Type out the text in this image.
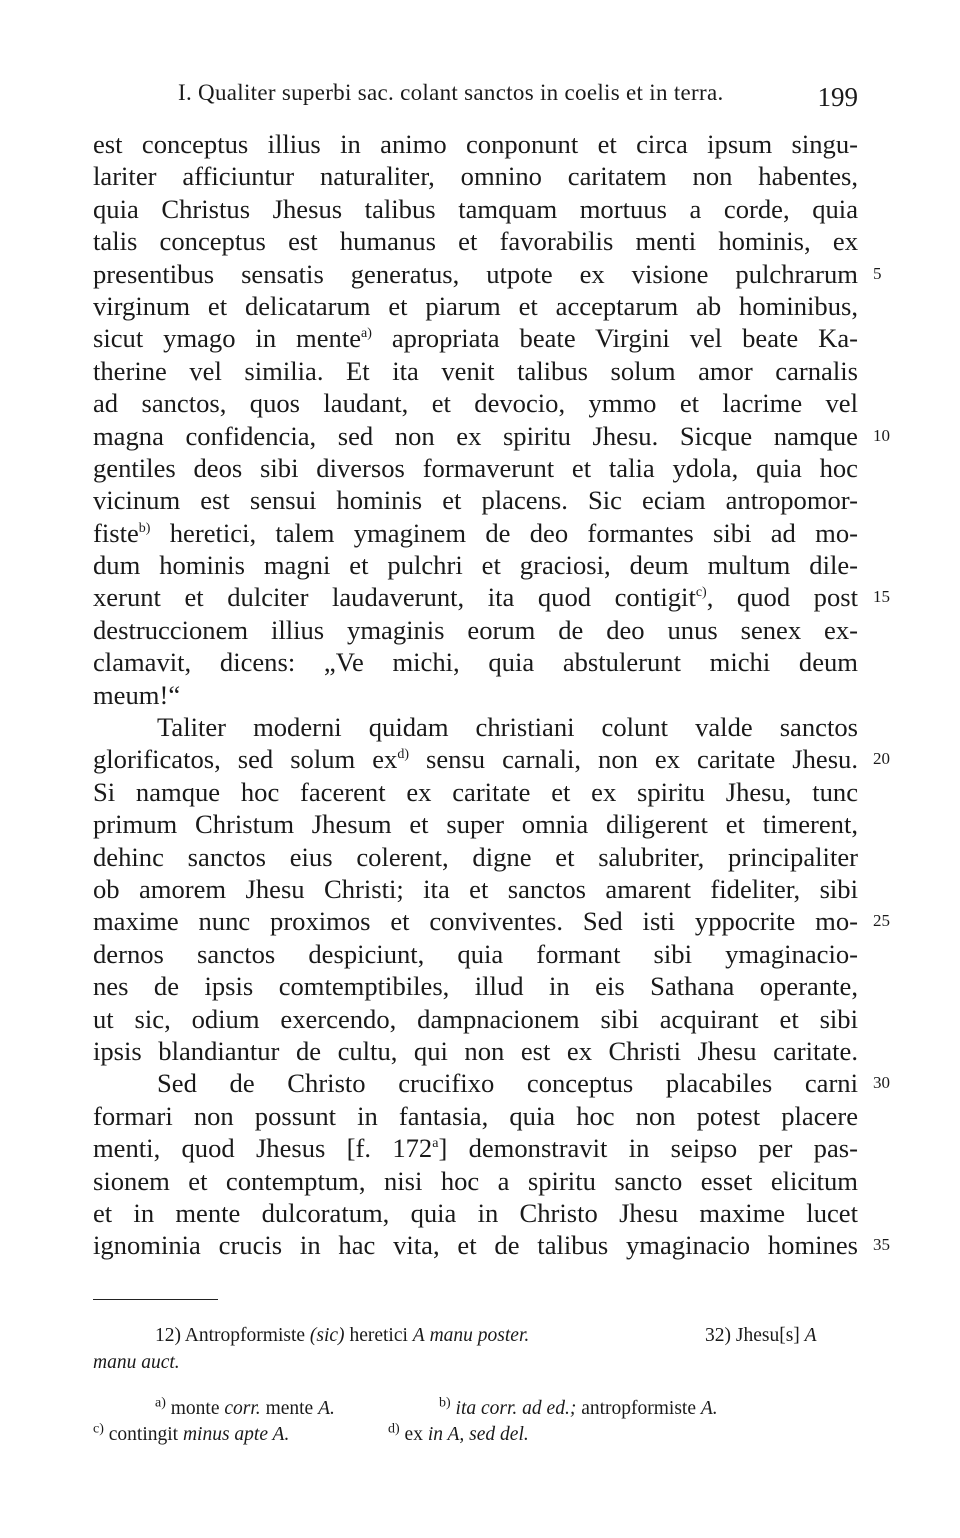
I. Qualiter superbi sac. colant sanctos in coelis et in terra.	199
est conceptus illius in animo conponunt et circa ipsum singu-
lariter afficiuntur naturaliter, omnino caritatem non habentes,
quia Christus Jhesus talibus tamquam mortuus a corde, quia
talis conceptus est humanus et favorabilis menti hominis, ex
presentibus sensatis generatus, utpote ex visione pulchrarum 5
virginum et delicatarum et piarum et acceptarum ab hominibus,
sicut ymago in mente$^{a)}$ apropriata beate Virgini vel beate Ka-
therine vel similia. Et ita venit talibus solum amor carnalis
ad sanctos, quos laudant, et devocio, ymmo et lacrime vel
magna confidencia, sed non ex spiritu Jhesu. Sicque namque 10
gentiles deos sibi diversos formaverunt et talia ydola, quia hoc
vicinum est sensui hominis et placens. Sic eciam antropomor-
fiste$^{b)}$ heretici, talem ymaginem de deo formantes sibi ad mo-
dum hominis magni et pulchri et graciosi, deum multum dile-
xerunt et dulciter laudaverunt, ita quod contigit$^{c)}$, quod post 15
destruccionem illius ymaginis eorum de deo unus senex ex-
clamavit, dicens: „Ve michi, quia abstulerunt michi deum
meum!“
Taliter moderni quidam christiani colunt valde sanctos
glorificatos, sed solum $ex^{d)}$ sensu carnali, non ex caritate Jhesu. 20
Si namque hoc facerent ex caritate et ex spiritu Jhesu, tunc
primum Christum Jhesum et super omnia diligerent et timerent,
dehinc sanctos eius colerent, digne et salubriter, principaliter
ob amorem Jhesu Christi; ita et sanctos amarent fideliter, sibi
maxime nunc proximos et conviventes. Sed isti yppocrite mo- 25
dernos sanctos despiciunt, quia formant sibi ymaginacio-
nes de ipsis comtemptibiles, illud in eis Sathana operante,
ut sic, odium exercendo, dampnacionem sibi acquirant et sibi
ipsis blandiantur de cultu, qui non est ex Christi Jhesu caritate.
Sed de Christo crucifixo conceptus placabiles carni 30
formari non possunt in fantasia, quia hoc non potest placere
menti, quod Jhesus [f. 172$^a$] demonstravit in seipso per pas-
sionem et contemptum, nisi hoc a spiritu sancto esset elicitum
et in mente dulcoratum, quia in Christo Jhesu maxime lucet
ignominia crucis in hac vita, et de talibus ymaginacio homines 35
12) Antropformiste (sic) heretici A manu poster.	32) Jhesu[s] A
manu auct.
$^{a)}$ monte corr. mente A.	$^{b)}$ ita corr. ad ed.; antropformiste A.
$^{c)}$ contingit minus apte A.	$^{d)}$ ex in A, sed del.
